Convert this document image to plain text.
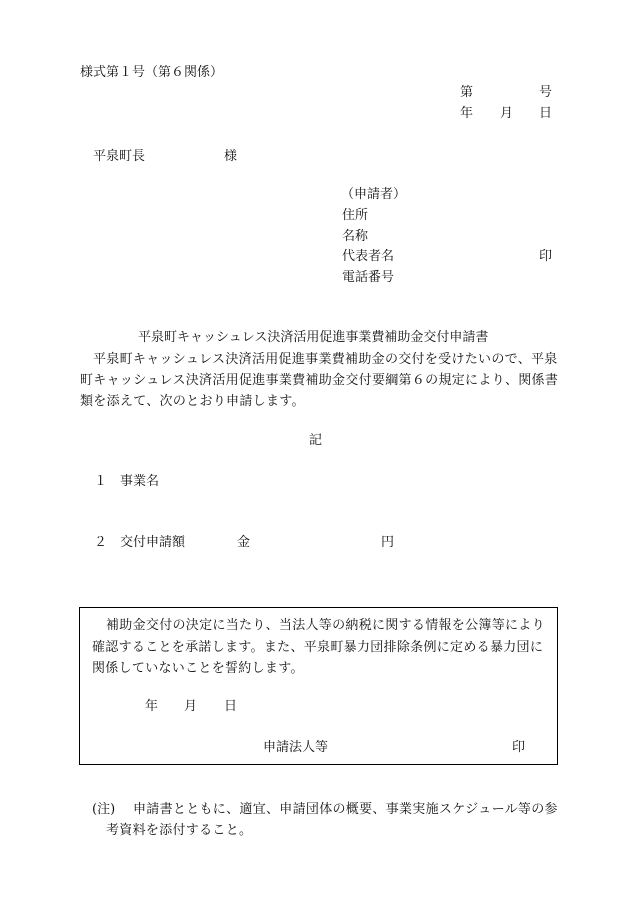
様式第１号（第６関係）
第	号
年 月 日
平泉町長	様
（申請者）
住所
名称
代表者名	印
電話番号
平泉町キャッシュレス決済活用促進事業費補助金交付申請書
平泉町キャッシュレス決済活用促進事業費補助金の交付を受けたいので、平泉
町キャッシュレス決済活用促進事業費補助金交付要綱第６の規定により、関係書
類を添えて、次のとおり申請します。
記
１ 事業名
２ 交付申請額	金	円
補助金交付の決定に当たり、当法人等の納税に関する情報を公簿等により
確認することを承諾します。また、平泉町暴力団排除条例に定める暴力団に
関係していないことを誓約します。
年 月 日
申請法人等	印
(注) 申請書とともに、適宜、申請団体の概要、事業実施スケジュール等の参
考資料を添付すること。
